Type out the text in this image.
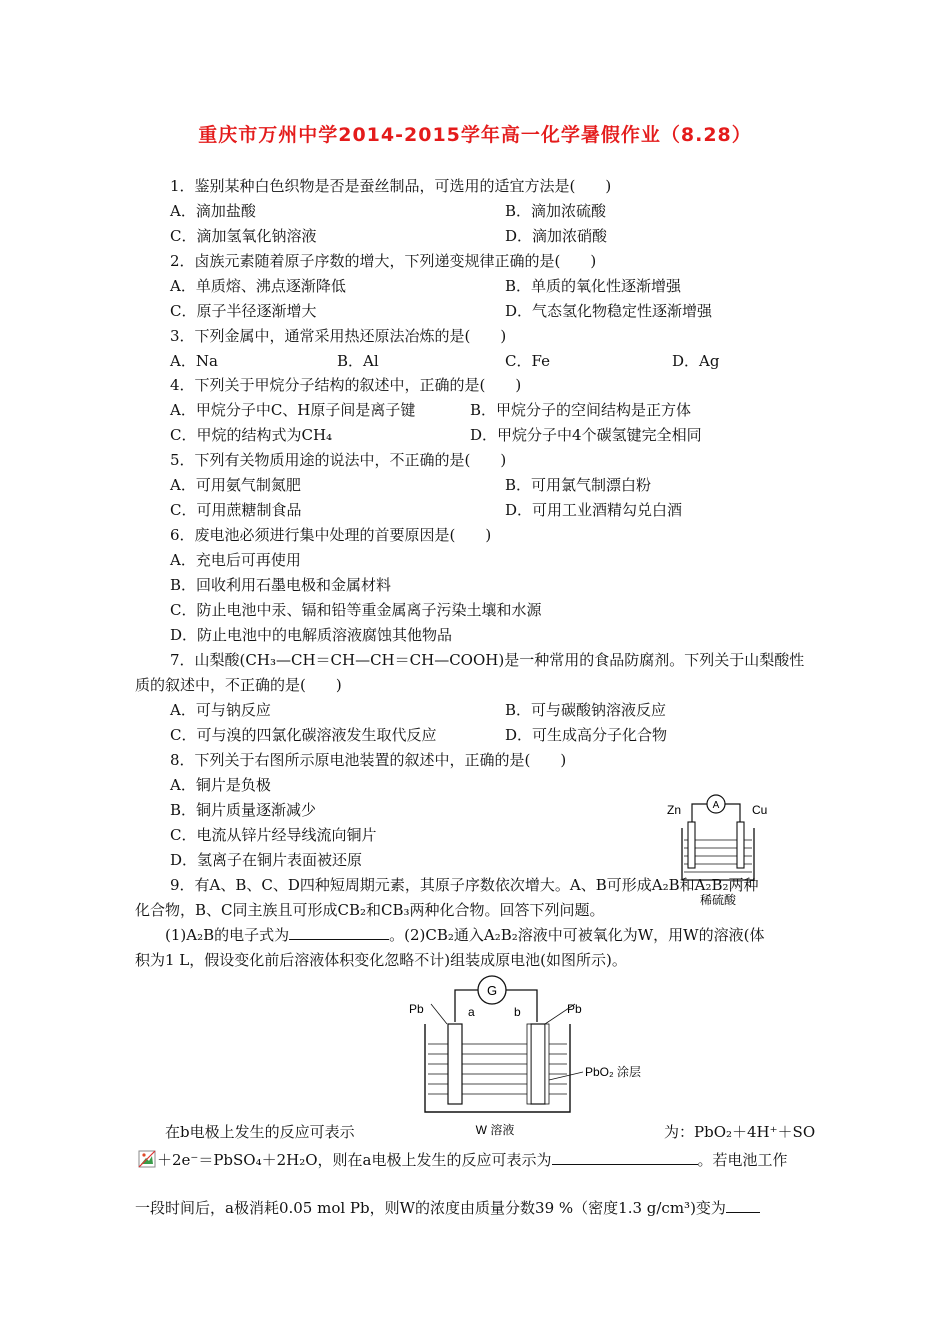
重庆市万州中学2014-2015学年高一化学暑假作业（8.28）
1．鉴别某种白色织物是否是蚕丝制品，可选用的适宜方法是(　　)
A．滴加盐酸	B．滴加浓硫酸
C．滴加氢氧化钠溶液	D．滴加浓硝酸
2．卤族元素随着原子序数的增大，下列递变规律正确的是(　　)
A．单质熔、沸点逐渐降低	B．单质的氧化性逐渐增强
C．原子半径逐渐增大	D．气态氢化物稳定性逐渐增强
3．下列金属中，通常采用热还原法冶炼的是(　　)
A．Na	B．Al	C．Fe	D．Ag
4．下列关于甲烷分子结构的叙述中，正确的是(　　)
A．甲烷分子中C、H原子间是离子键	B．甲烷分子的空间结构是正方体
C．甲烷的结构式为CH₄	D．甲烷分子中4个碳氢键完全相同
5．下列有关物质用途的说法中，不正确的是(　　)
A．可用氨气制氮肥	B．可用氯气制漂白粉
C．可用蔗糖制食品	D．可用工业酒精勾兑白酒
6．废电池必须进行集中处理的首要原因是(　　)
A．充电后可再使用
B．回收利用石墨电极和金属材料
C．防止电池中汞、镉和铅等重金属离子污染土壤和水源
D．防止电池中的电解质溶液腐蚀其他物品
7．山梨酸(CH₃—CH＝CH—CH＝CH—COOH)是一种常用的食品防腐剂。下列关于山梨酸性
质的叙述中，不正确的是(　　)
A．可与钠反应	B．可与碳酸钠溶液反应
C．可与溴的四氯化碳溶液发生取代反应	D．可生成高分子化合物
8．下列关于右图所示原电池装置的叙述中，正确的是(　　)
A．铜片是负极
B．铜片质量逐渐减少
C．电流从锌片经导线流向铜片
D．氢离子在铜片表面被还原
A
Zn	Cu
稀硫酸
9．有A、B、C、D四种短周期元素，其原子序数依次增大。A、B可形成A₂B和A₂B₂两种
化合物，B、C同主族且可形成CB₂和CB₃两种化合物。回答下列问题。
(1)A₂B的电子式为	。(2)CB₂通入A₂B₂溶液中可被氧化为W，用W的溶液(体
积为1 L，假设变化前后溶液体积变化忽略不计)组装成原电池(如图所示)。
G
Pb	Pb
a	b
PbO₂ 涂层
W 溶液
在b电极上发生的反应可表示	为：PbO₂＋4H⁺＋SO
＋2e⁻＝PbSO₄＋2H₂O，则在a电极上发生的反应可表示为	。若电池工作
一段时间后，a极消耗0.05 mol Pb，则W的浓度由质量分数39 %（密度1.3 g/cm³)变为
